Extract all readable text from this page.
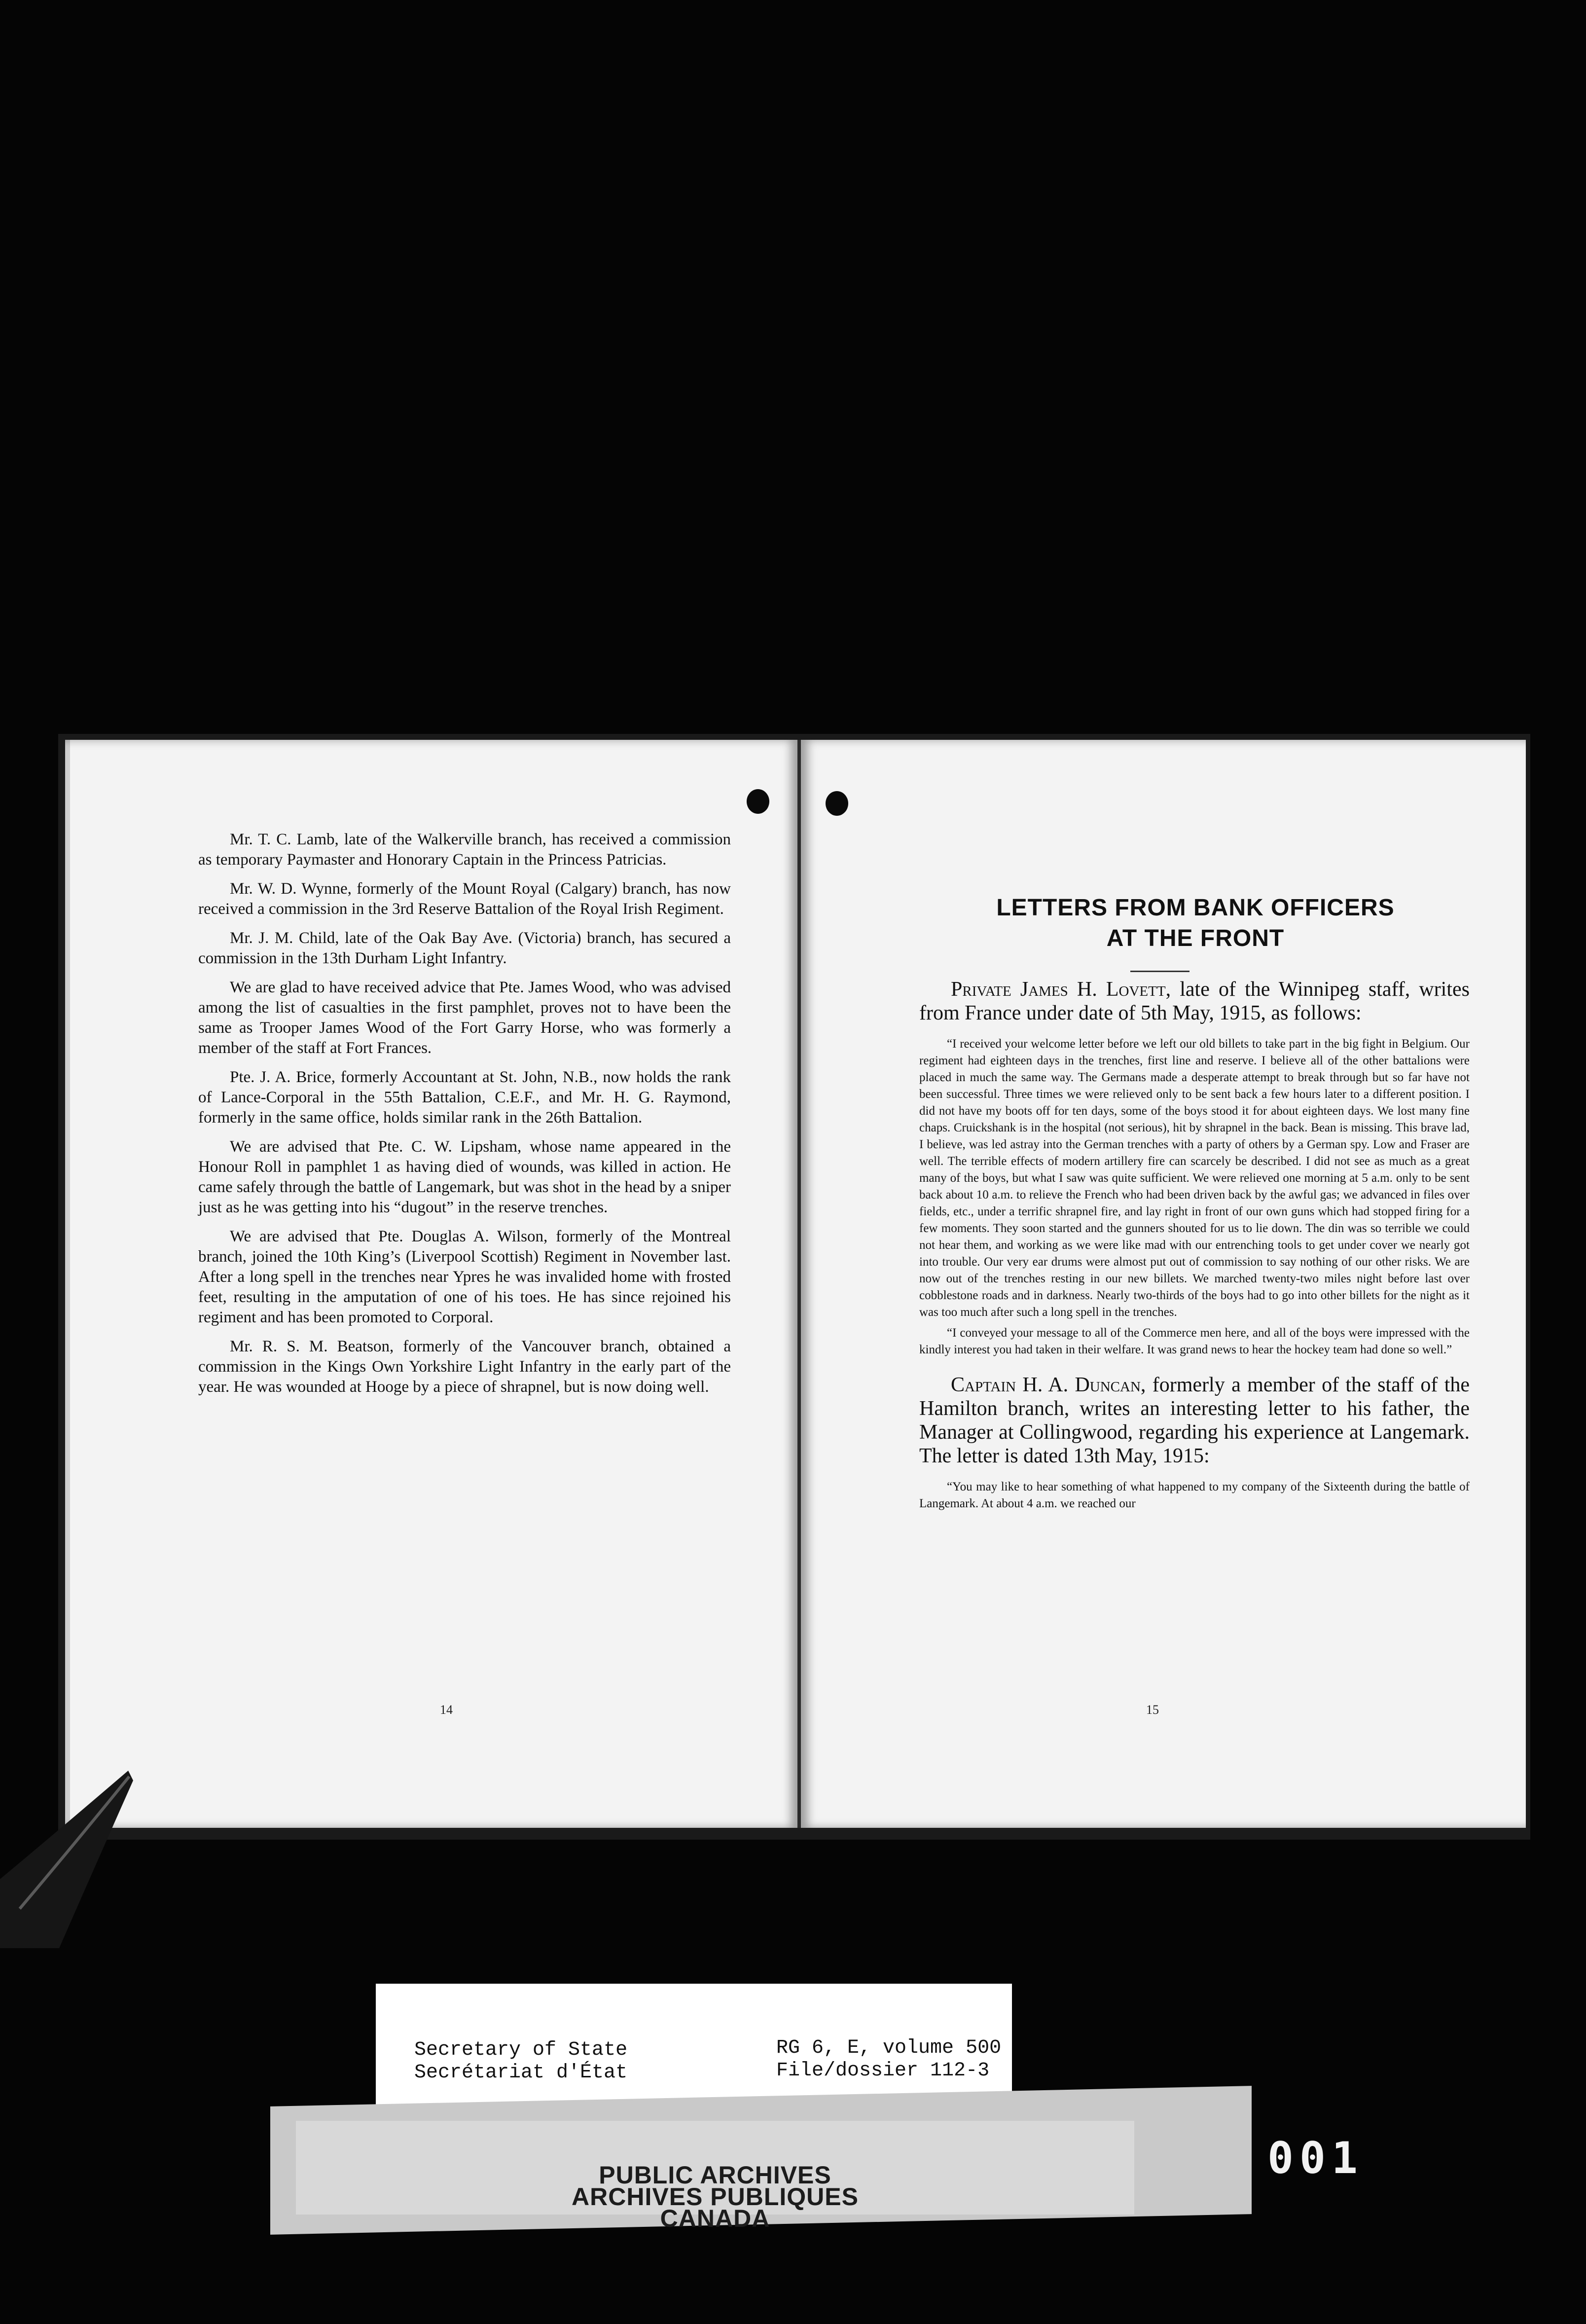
Mr. T. C. Lamb, late of the Walkerville branch, has received a commission as temporary Paymaster and Honorary Captain in the Princess Patricias.

Mr. W. D. Wynne, formerly of the Mount Royal (Calgary) branch, has now received a commission in the 3rd Reserve Battalion of the Royal Irish Regiment.

Mr. J. M. Child, late of the Oak Bay Ave. (Victoria) branch, has secured a commission in the 13th Durham Light Infantry.

We are glad to have received advice that Pte. James Wood, who was advised among the list of casualties in the first pamphlet, proves not to have been the same as Trooper James Wood of the Fort Garry Horse, who was formerly a member of the staff at Fort Frances.

Pte. J. A. Brice, formerly Accountant at St. John, N.B., now holds the rank of Lance-Corporal in the 55th Battalion, C.E.F., and Mr. H. G. Raymond, formerly in the same office, holds similar rank in the 26th Battalion.

We are advised that Pte. C. W. Lipsham, whose name appeared in the Honour Roll in pamphlet 1 as having died of wounds, was killed in action. He came safely through the battle of Langemark, but was shot in the head by a sniper just as he was getting into his “dugout” in the reserve trenches.

We are advised that Pte. Douglas A. Wilson, formerly of the Montreal branch, joined the 10th King’s (Liverpool Scottish) Regiment in November last. After a long spell in the trenches near Ypres he was invalided home with frosted feet, resulting in the amputation of one of his toes. He has since rejoined his regiment and has been promoted to Corporal.

Mr. R. S. M. Beatson, formerly of the Vancouver branch, obtained a commission in the Kings Own Yorkshire Light Infantry in the early part of the year. He was wounded at Hooge by a piece of shrapnel, but is now doing well.

14
LETTERS FROM BANK OFFICERS
AT THE FRONT

Private James H. Lovett, late of the Winnipeg staff, writes from France under date of 5th May, 1915, as follows:

“I received your welcome letter before we left our old billets to take part in the big fight in Belgium. Our regiment had eighteen days in the trenches, first line and reserve. I believe all of the other battalions were placed in much the same way. The Germans made a desperate attempt to break through but so far have not been successful. Three times we were relieved only to be sent back a few hours later to a different position. I did not have my boots off for ten days, some of the boys stood it for about eighteen days. We lost many fine chaps. Cruickshank is in the hospital (not serious), hit by shrapnel in the back. Bean is missing. This brave lad, I believe, was led astray into the German trenches with a party of others by a German spy. Low and Fraser are well. The terrible effects of modern artillery fire can scarcely be described. I did not see as much as a great many of the boys, but what I saw was quite sufficient. We were relieved one morning at 5 a.m. only to be sent back about 10 a.m. to relieve the French who had been driven back by the awful gas; we advanced in files over fields, etc., under a terrific shrapnel fire, and lay right in front of our own guns which had stopped firing for a few moments. They soon started and the gunners shouted for us to lie down. The din was so terrible we could not hear them, and working as we were like mad with our entrenching tools to get under cover we nearly got into trouble. Our very ear drums were almost put out of commission to say nothing of our other risks. We are now out of the trenches resting in our new billets. We marched twenty-two miles night before last over cobblestone roads and in darkness. Nearly two-thirds of the boys had to go into other billets for the night as it was too much after such a long spell in the trenches.

“I conveyed your message to all of the Commerce men here, and all of the boys were impressed with the kindly interest you had taken in their welfare. It was grand news to hear the hockey team had done so well.”

Captain H. A. Duncan, formerly a member of the staff of the Hamilton branch, writes an interesting letter to his father, the Manager at Collingwood, regarding his experience at Langemark. The letter is dated 13th May, 1915:

“You may like to hear something of what happened to my company of the Sixteenth during the battle of Langemark. At about 4 a.m. we reached our

15
Secretary of State
Secrétariat d'État
RG 6, E, volume 500
File/dossier 112-3
PUBLIC ARCHIVES
ARCHIVES PUBLIQUES
CANADA
001
